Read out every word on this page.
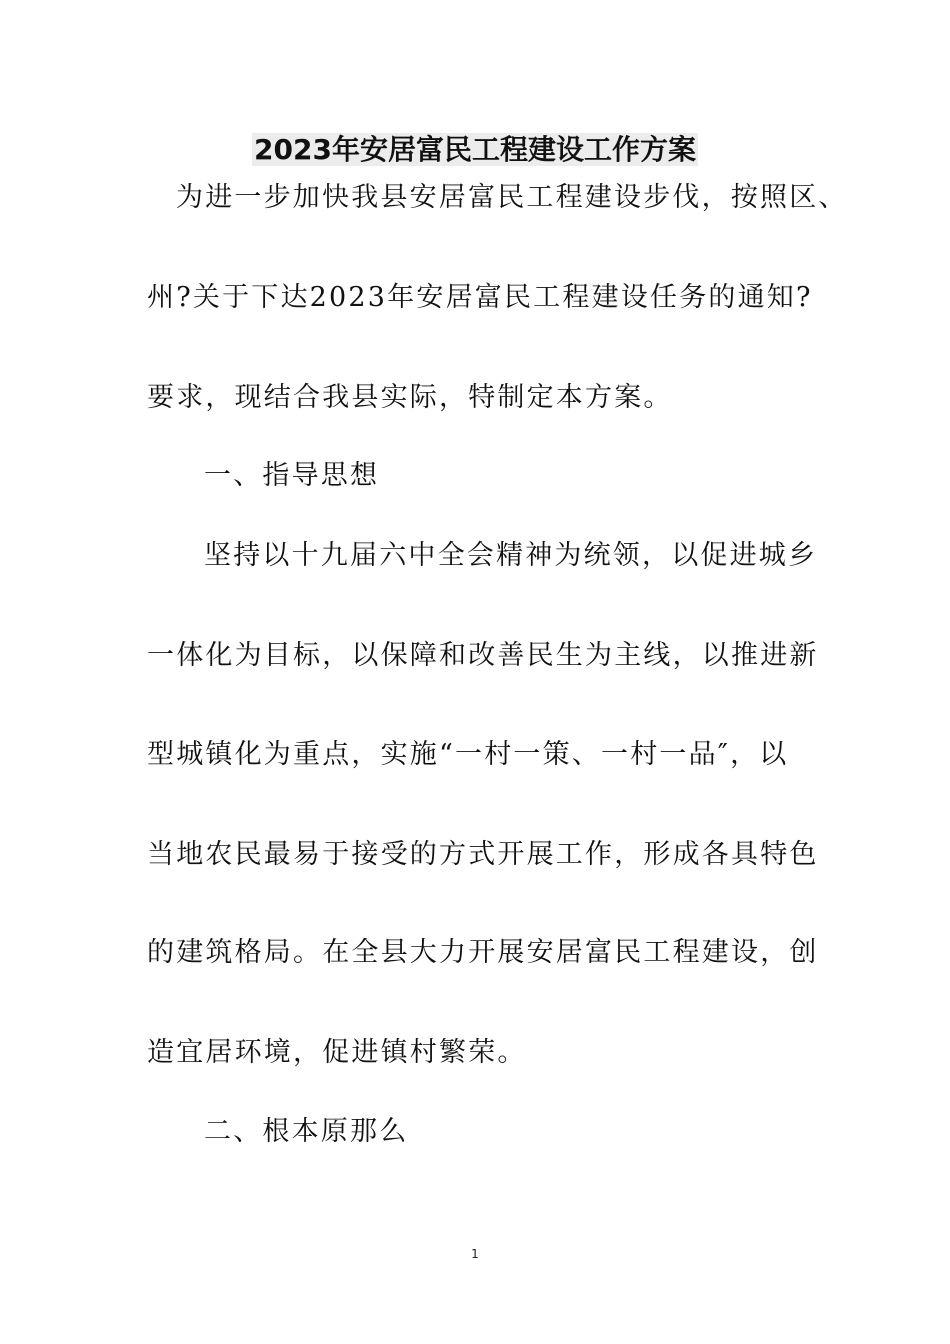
2023年安居富民工程建设工作方案
为进一步加快我县安居富民工程建设步伐，按照区、
州?关于下达2023年安居富民工程建设任务的通知?
要求，现结合我县实际，特制定本方案。
一、指导思想
坚持以十九届六中全会精神为统领，以促进城乡
一体化为目标，以保障和改善民生为主线，以推进新
型城镇化为重点，实施“一村一策、一村一品″，以
当地农民最易于接受的方式开展工作，形成各具特色
的建筑格局。在全县大力开展安居富民工程建设，创
造宜居环境，促进镇村繁荣。
二、根本原那么
1
